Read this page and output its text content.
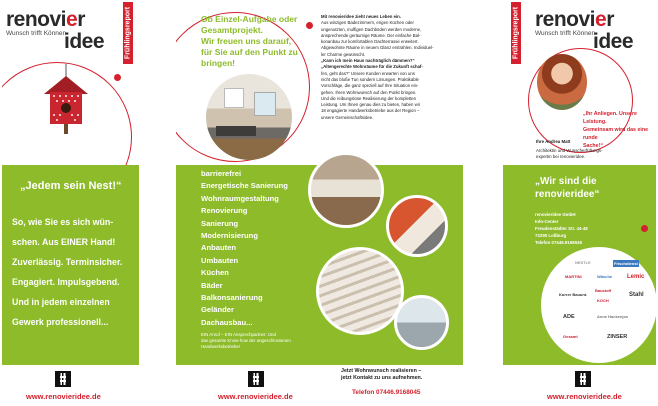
Frühlingsreport
renovier
Wunsch trifft Können
idee
„Jedem sein Nest!“
So, wie Sie es sich wün-
schen. Aus EINER Hand!
Zuverlässig. Terminsicher.
Engagiert. Impulsgebend.
Und in jedem einzelnen
Gewerk professionell...
www.renovieridee.de
Ob Einzel-Aufgabe oder
Gesamtprojekt.
Wir freuen uns darauf,
für Sie auf den Punkt zu
bringen!
Mit renovieridee zieht neues Leben ein.
Aus winzigen Badezimmern, engen Küchen oder
ungenutzten, muffigen Dachböden werden moderne,
ansprechende geräumige Räume. Der einfache Bal-
konanbau zur komfortablen Dachterrasse erweitert.
Abgewohnte Räume in neuem Glanz erstrahlen. Individuel-
ler Charme gewünscht.
„Kann ich mein Haus nachträglich dämmen?“
„Altengerechte Wohnräume für die Zukunft schaf-
fen, geht das?“ Unsere Kunden erwarten von uns
nicht das bloße Tun sondern Lösungen. Praktikable
Vorschläge, die ganz speziell auf Ihre Situation ein-
gehen. Ihren Wohnwunsch auf den Punkt bringen.
Und die reibungslose Realisierung der kompletten
Leistung. Um Ihnen genau dies zu bieten, haben wir
18 engagierte Handwerksbetriebe aus der Region –
unsere Gemeinschaftsidee.
barrierefrei
Energetische Sanierung
Wohnraumgestaltung
Renovierung
Sanierung
Modernisierung
Anbauten
Umbauten
Küchen
Bäder
Balkonsanierung
Geländer
Dachausbau...
EIN Anruf – EIN Ansprechpartner: Und
das gesamte Know-how der angeschlossenen
Handwerksbetriebe!
www.renovieridee.de
Jetzt Wohnwunsch realisieren –
jetzt Kontakt zu uns aufnehmen.
Telefon 07446.9168045
Frühlingsreport renovier
Wunsch trifft Können
idee
„Ihr Anliegen. Unsere Leistung.
Gemeinsam wird das eine runde
Sache!“
Ihre Andrea Matt
Architektin und Wunscherfüllungs-
expertin bei renovieridee.
„Wir sind die
renovieridee“
renovieridee GmbH
Info-Center
Freudenstädter Str. 44-48
72290 Loßburg
Telefon 07446.9168045
NESTLE	Frischdienst
MARTINI	Wäsche Lemic
Kurrer Bauunt.
Baustoff
KOCH
Stahl
ADE	Anne Hackenjos
Gesamt	ZINSER
www.renovieridee.de
